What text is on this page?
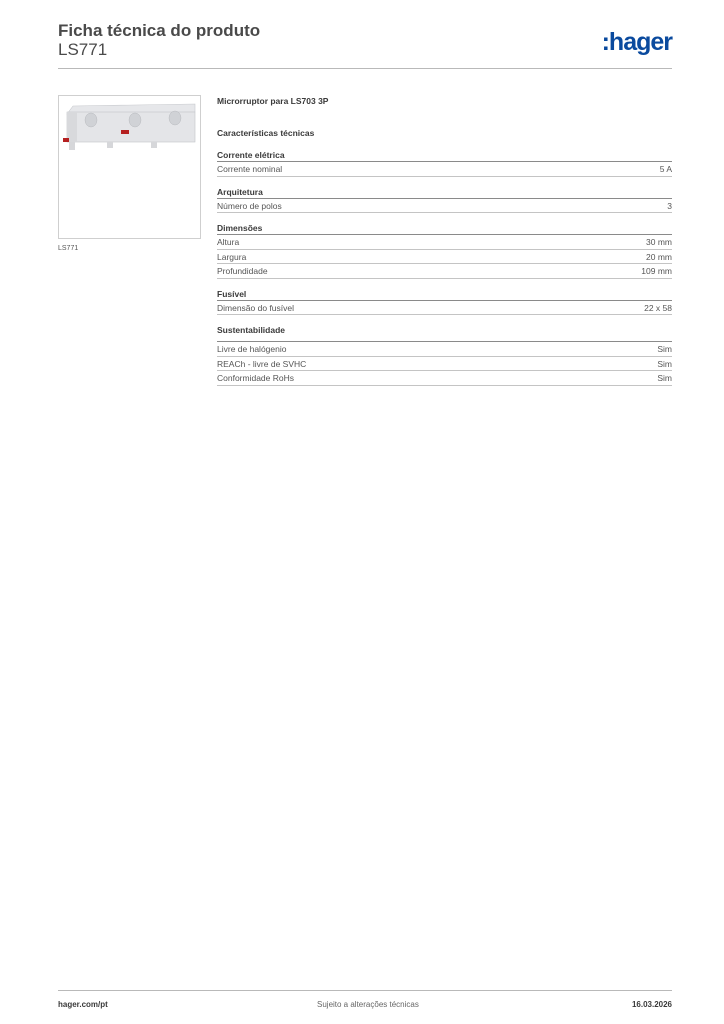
Ficha técnica do produto
LS771	:hager
LS771
Microrruptor para LS703 3P
Características técnicas
Corrente elétrica
Corrente nominal	5 A
Arquitetura
Número de polos	3
Dimensões
Altura	30 mm
Largura	20 mm
Profundidade	109 mm
Fusível
Dimensão do fusível	22 x 58
Sustentabilidade
Livre de halógenio	Sim
REACh - livre de SVHC	Sim
Conformidade RoHs	Sim
hager.com/pt	Sujeito a alterações técnicas	16.03.2026
